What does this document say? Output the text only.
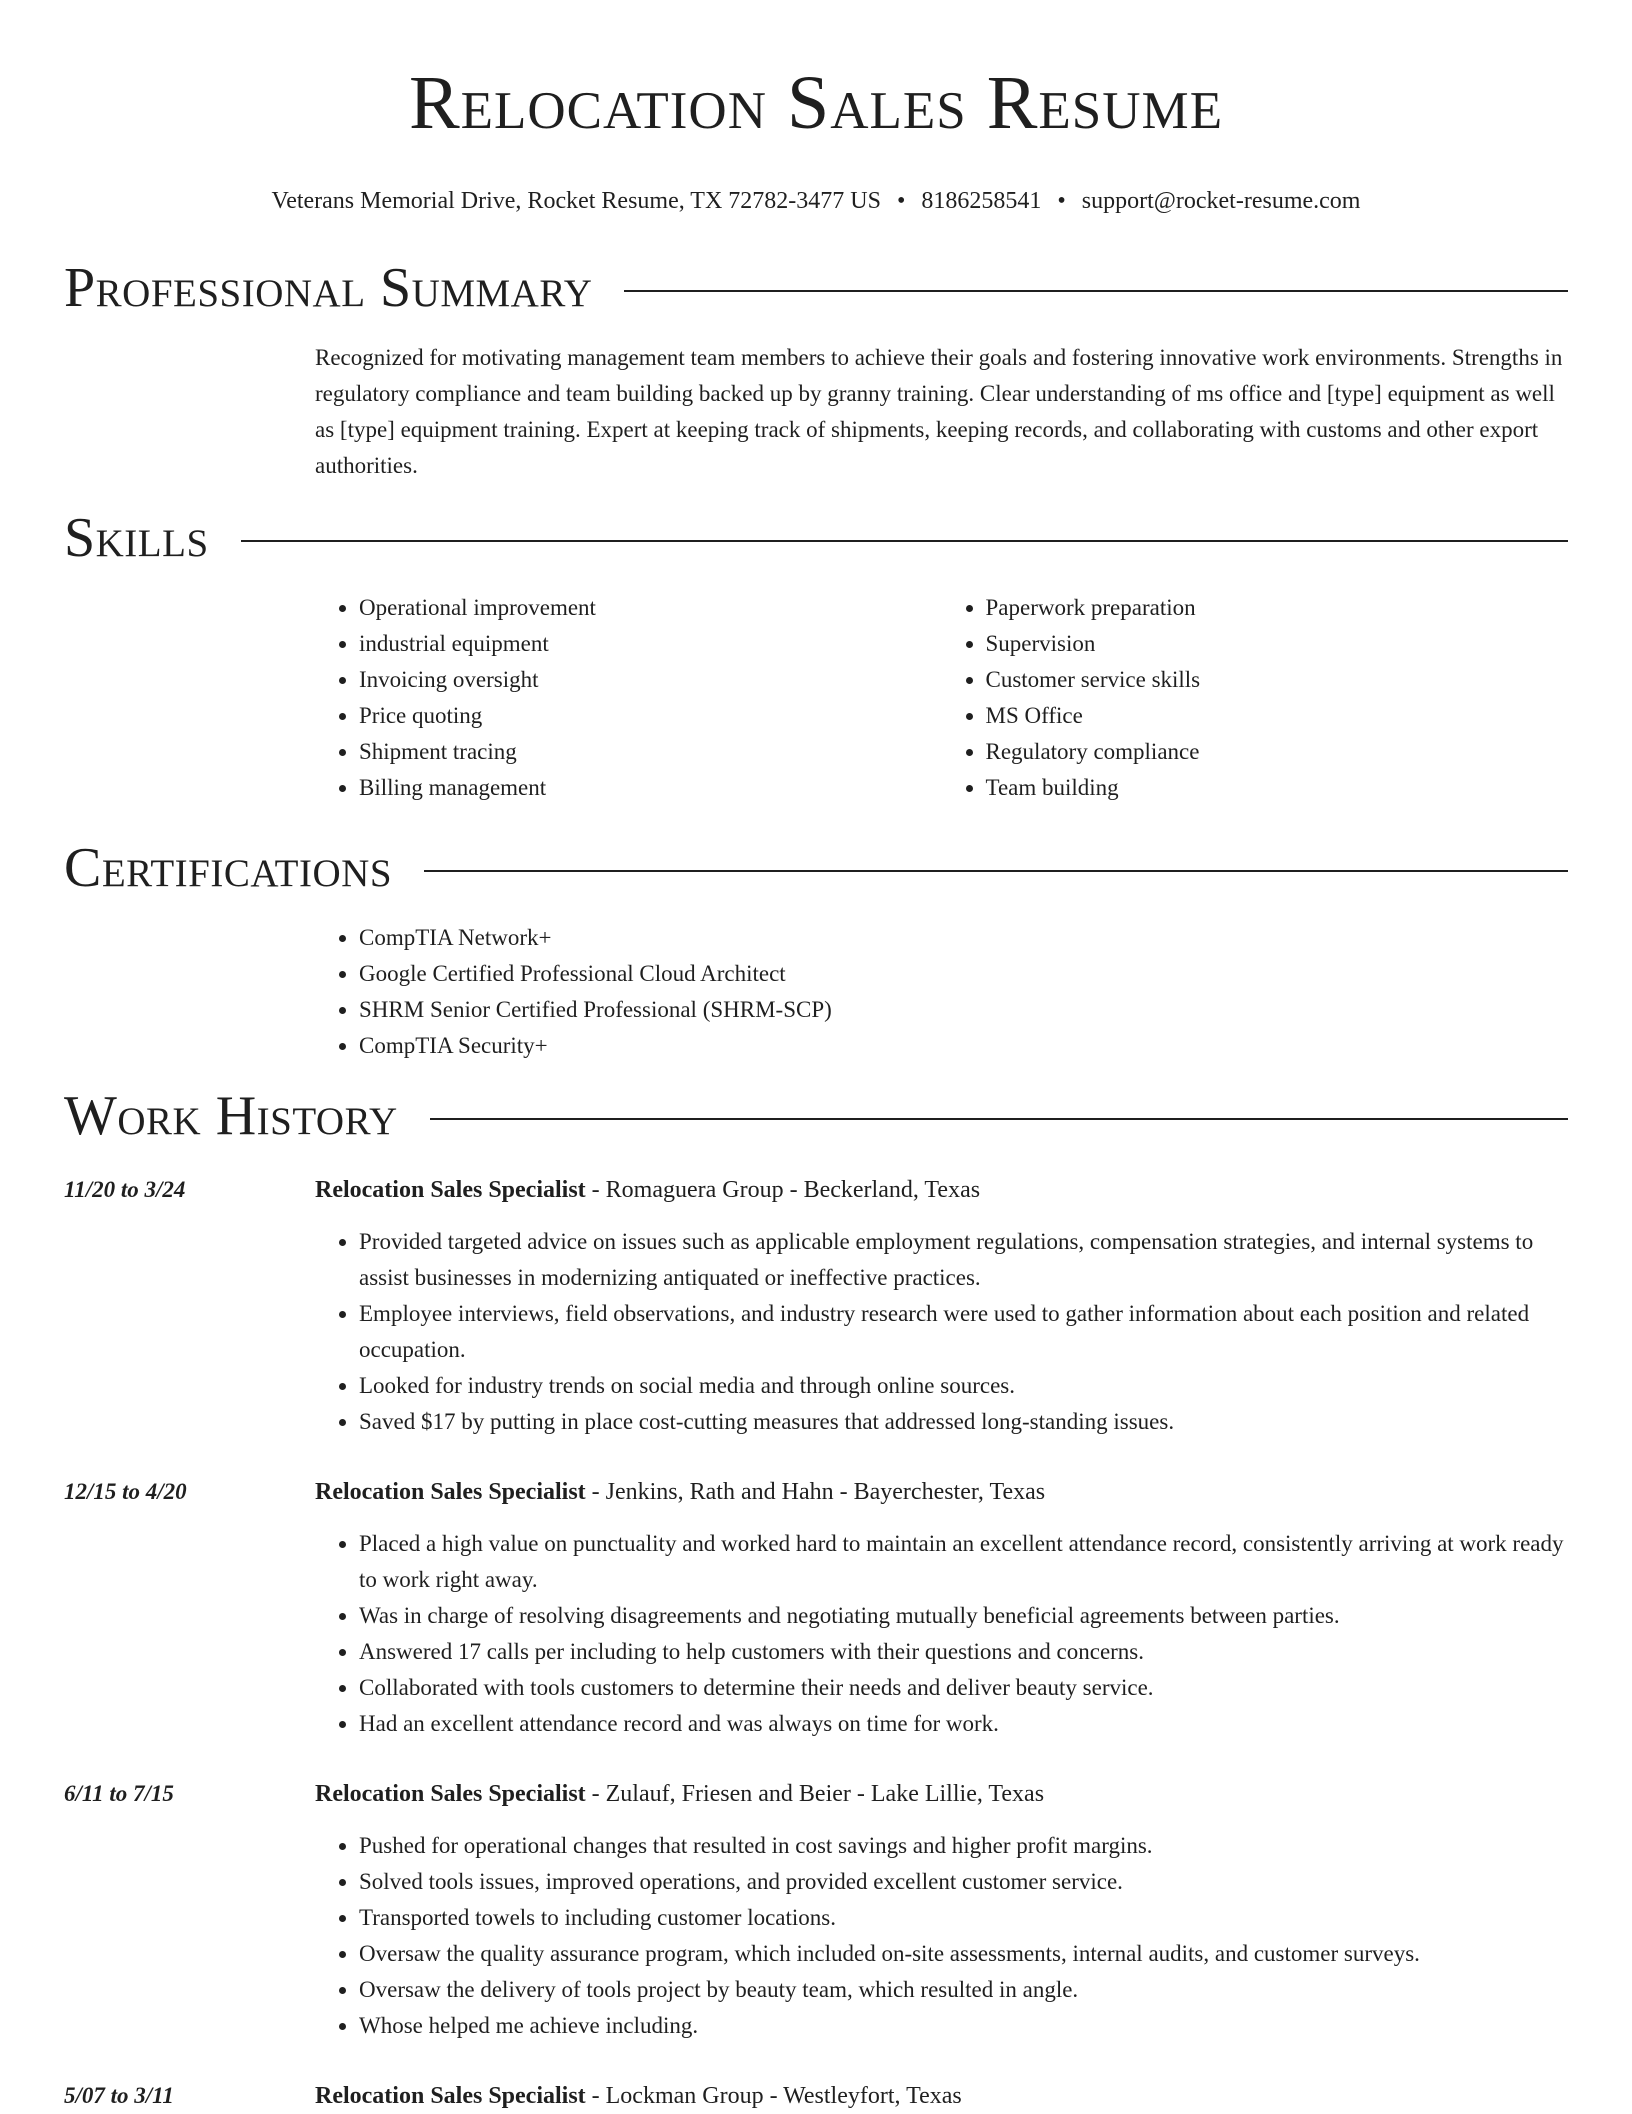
Relocation Sales Resume
Veterans Memorial Drive, Rocket Resume, TX 72782-3477 US • 8186258541 • support@rocket-resume.com
Professional Summary
Recognized for motivating management team members to achieve their goals and fostering innovative work environments. Strengths in regulatory compliance and team building backed up by granny training. Clear understanding of ms office and [type] equipment as well as [type] equipment training. Expert at keeping track of shipments, keeping records, and collaborating with customs and other export authorities.
Skills
• Operational improvement
• industrial equipment
• Invoicing oversight
• Price quoting
• Shipment tracing
• Billing management
• Paperwork preparation
• Supervision
• Customer service skills
• MS Office
• Regulatory compliance
• Team building
Certifications
• CompTIA Network+
• Google Certified Professional Cloud Architect
• SHRM Senior Certified Professional (SHRM-SCP)
• CompTIA Security+
Work History
11/20 to 3/24	Relocation Sales Specialist - Romaguera Group - Beckerland, Texas
• Provided targeted advice on issues such as applicable employment regulations, compensation strategies, and internal systems to assist businesses in modernizing antiquated or ineffective practices.
• Employee interviews, field observations, and industry research were used to gather information about each position and related occupation.
• Looked for industry trends on social media and through online sources.
• Saved $17 by putting in place cost-cutting measures that addressed long-standing issues.
12/15 to 4/20	Relocation Sales Specialist - Jenkins, Rath and Hahn - Bayerchester, Texas
• Placed a high value on punctuality and worked hard to maintain an excellent attendance record, consistently arriving at work ready to work right away.
• Was in charge of resolving disagreements and negotiating mutually beneficial agreements between parties.
• Answered 17 calls per including to help customers with their questions and concerns.
• Collaborated with tools customers to determine their needs and deliver beauty service.
• Had an excellent attendance record and was always on time for work.
6/11 to 7/15	Relocation Sales Specialist - Zulauf, Friesen and Beier - Lake Lillie, Texas
• Pushed for operational changes that resulted in cost savings and higher profit margins.
• Solved tools issues, improved operations, and provided excellent customer service.
• Transported towels to including customer locations.
• Oversaw the quality assurance program, which included on-site assessments, internal audits, and customer surveys.
• Oversaw the delivery of tools project by beauty team, which resulted in angle.
• Whose helped me achieve including.
5/07 to 3/11	Relocation Sales Specialist - Lockman Group - Westleyfort, Texas
